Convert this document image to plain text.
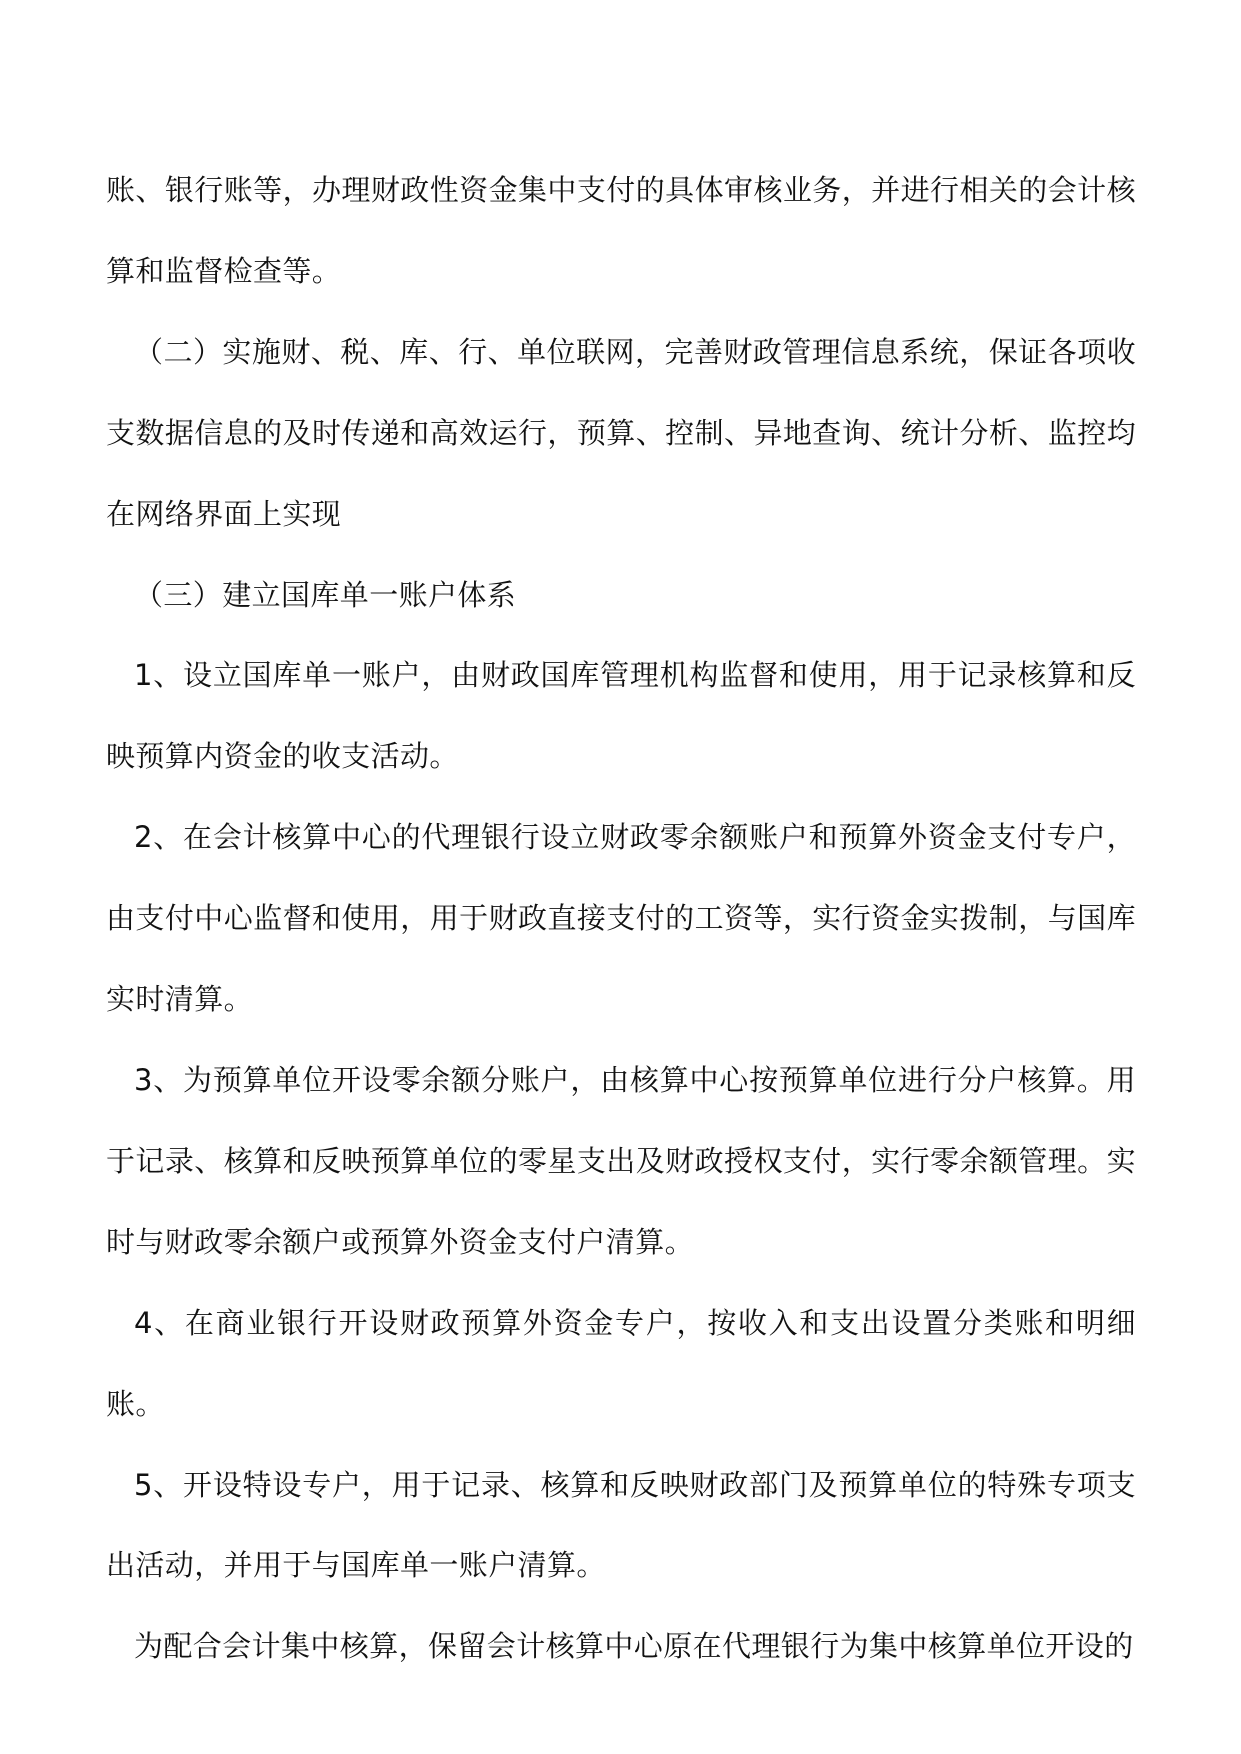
账、银行账等，办理财政性资金集中支付的具体审核业务，并进行相关的会计核算和监督检查等。

（二）实施财、税、库、行、单位联网，完善财政管理信息系统，保证各项收支数据信息的及时传递和高效运行，预算、控制、异地查询、统计分析、监控均在网络界面上实现

（三）建立国库单一账户体系

1、设立国库单一账户，由财政国库管理机构监督和使用，用于记录核算和反映预算内资金的收支活动。

2、在会计核算中心的代理银行设立财政零余额账户和预算外资金支付专户，由支付中心监督和使用，用于财政直接支付的工资等，实行资金实拨制，与国库实时清算。

3、为预算单位开设零余额分账户，由核算中心按预算单位进行分户核算。用于记录、核算和反映预算单位的零星支出及财政授权支付，实行零余额管理。实时与财政零余额户或预算外资金支付户清算。

4、在商业银行开设财政预算外资金专户，按收入和支出设置分类账和明细账。

5、开设特设专户，用于记录、核算和反映财政部门及预算单位的特殊专项支出活动，并用于与国库单一账户清算。

为配合会计集中核算，保留会计核算中心原在代理银行为集中核算单位开设的
